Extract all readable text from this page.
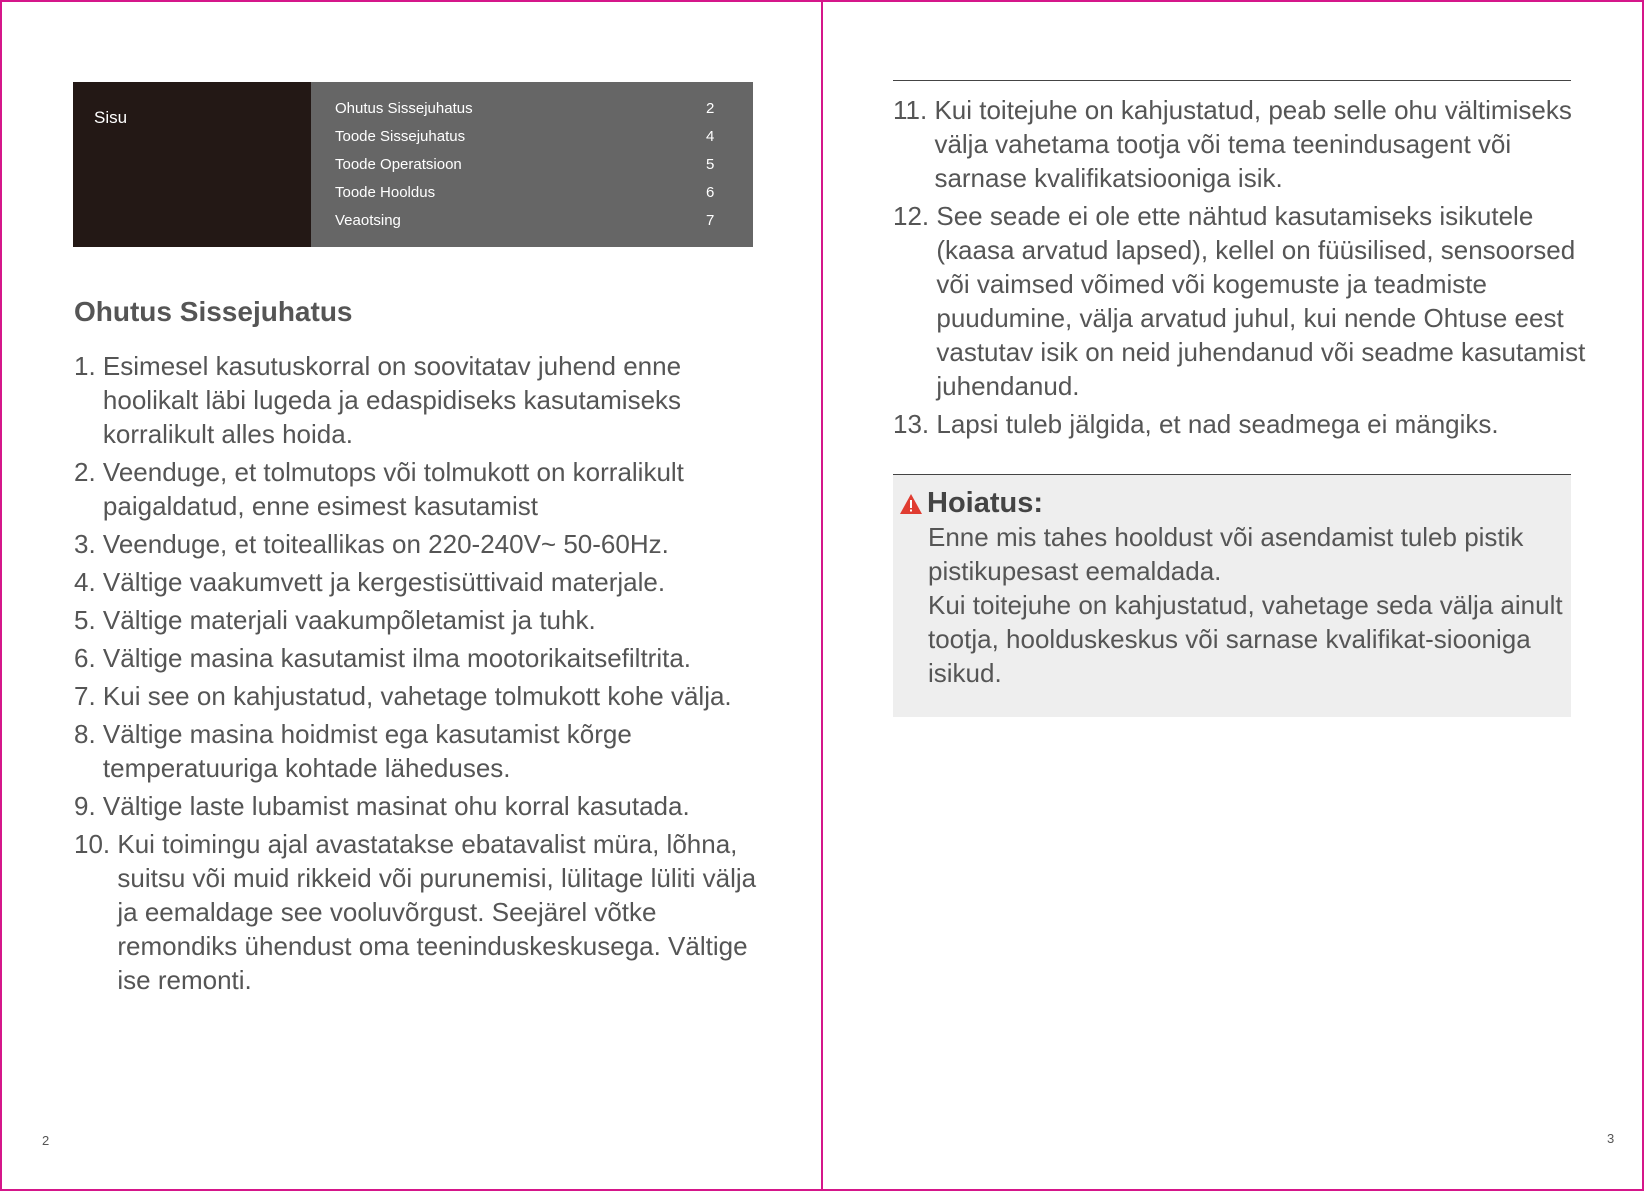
Sisu	Ohutus Sissejuhatus	2
Toode Sissejuhatus	4
Toode Operatsioon	5
Toode Hooldus	6
Veaotsing	7
Ohutus Sissejuhatus
1. Esimesel kasutuskorral on soovitatav juhend enne hoolikalt läbi lugeda ja edaspidiseks kasutamiseks korralikult alles hoida.
2. Veenduge, et tolmutops või tolmukott on korralikult paigaldatud, enne esimest kasutamist
3. Veenduge, et toiteallikas on 220-240V~ 50-60Hz.
4. Vältige vaakumvett ja kergestisüttivaid materjale.
5. Vältige materjali vaakumpõletamist ja tuhk.
6. Vältige masina kasutamist ilma mootorikaitsefiltrita.
7. Kui see on kahjustatud, vahetage tolmukott kohe välja.
8. Vältige masina hoidmist ega kasutamist kõrge temperatuuriga kohtade läheduses.
9. Vältige laste lubamist masinat ohu korral kasutada.
10. Kui toimingu ajal avastatakse ebatavalist müra, lõhna, suitsu või muid rikkeid või purunemisi, lülitage lüliti välja ja eemaldage see vooluvõrgust. Seejärel võtke remondiks ühendust oma teeninduskeskusega. Vältige ise remonti.
2
11. Kui toitejuhe on kahjustatud, peab selle ohu vältimiseks välja vahetama tootja või tema teenindusagent või sarnase kvalifikatsiooniga isik.
12. See seade ei ole ette nähtud kasutamiseks isikutele (kaasa arvatud lapsed), kellel on füüsilised, sensoorsed või vaimsed võimed või kogemuste ja teadmiste puudumine, välja arvatud juhul, kui nende Ohtuse eest vastutav isik on neid juhendanud või seadme kasutamist juhendanud.
13. Lapsi tuleb jälgida, et nad seadmega ei mängiks.
Hoiatus:
Enne mis tahes hooldust või asendamist tuleb pistik pistikupesast eemaldada.
Kui toitejuhe on kahjustatud, vahetage seda välja ainult tootja, hoolduskeskus või sarnase kvalifikat-siooniga isikud.
3
